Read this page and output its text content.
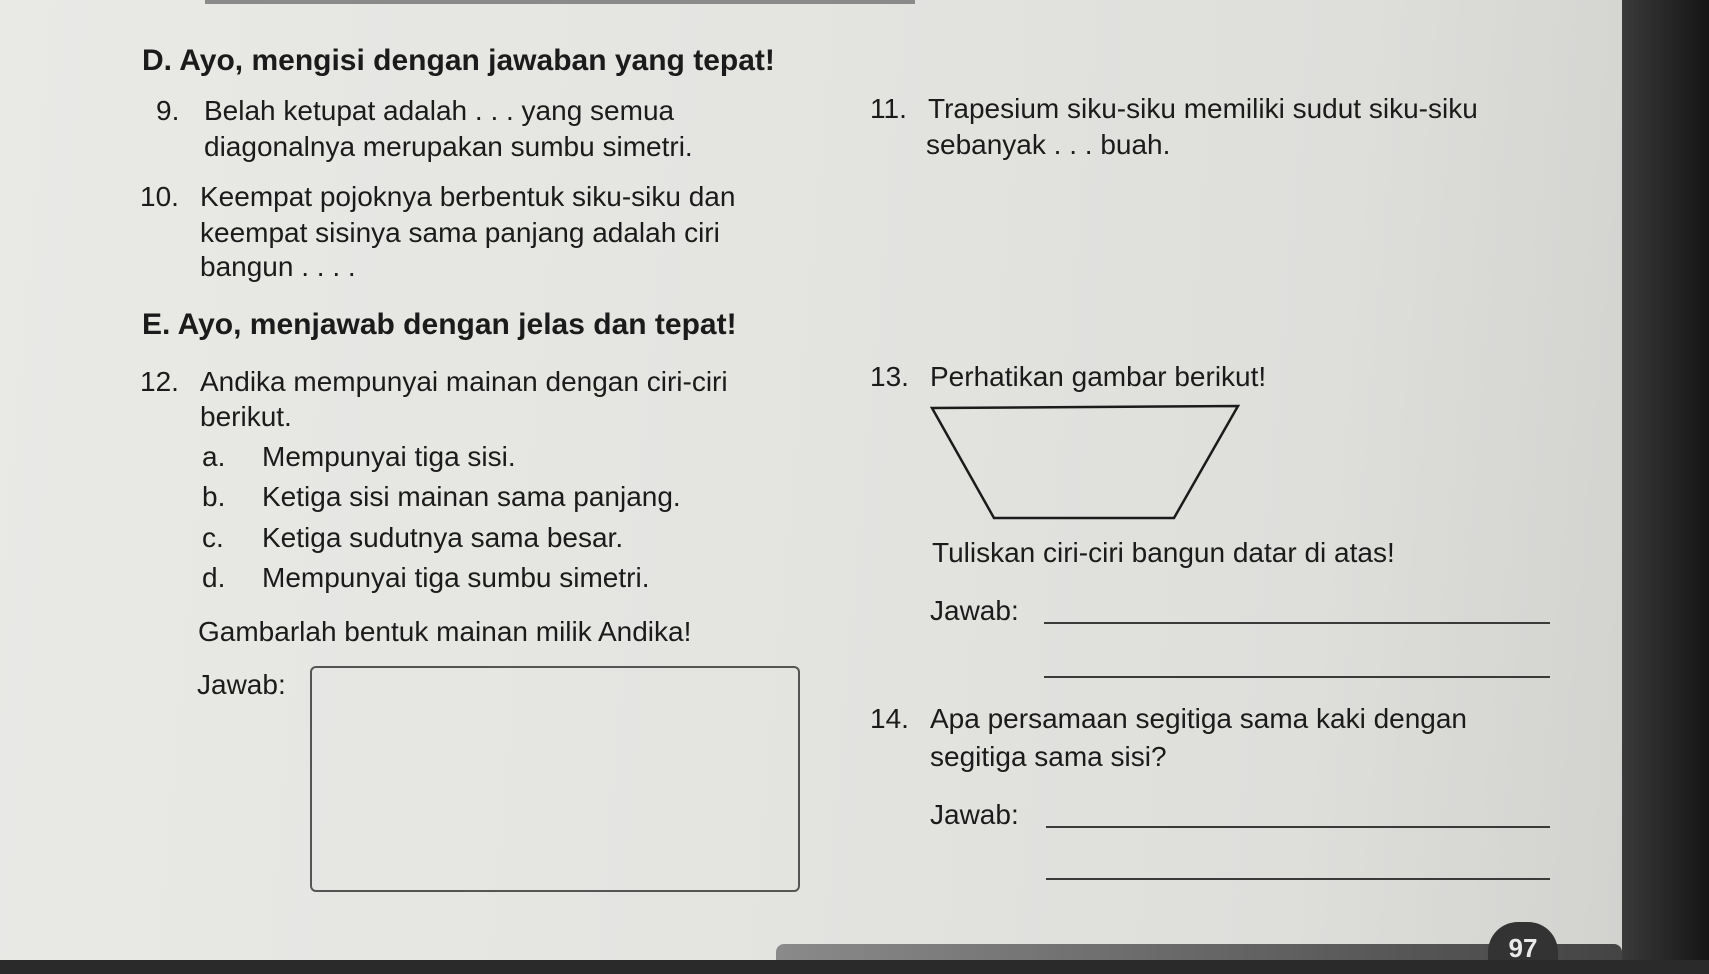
D. Ayo, mengisi dengan jawaban yang tepat!
9. Belah ketupat adalah . . . yang semua
diagonalnya merupakan sumbu simetri.
10. Keempat pojoknya berbentuk siku-siku dan
keempat sisinya sama panjang adalah ciri
bangun . . . .
11. Trapesium siku-siku memiliki sudut siku-siku
sebanyak . . . buah.
E. Ayo, menjawab dengan jelas dan tepat!
12. Andika mempunyai mainan dengan ciri-ciri
berikut.
a. Mempunyai tiga sisi.
b. Ketiga sisi mainan sama panjang.
c. Ketiga sudutnya sama besar.
d. Mempunyai tiga sumbu simetri.
Gambarlah bentuk mainan milik Andika!
Jawab:
13. Perhatikan gambar berikut!
Tuliskan ciri-ciri bangun datar di atas!
Jawab:
14. Apa persamaan segitiga sama kaki dengan
segitiga sama sisi?
Jawab:
97
